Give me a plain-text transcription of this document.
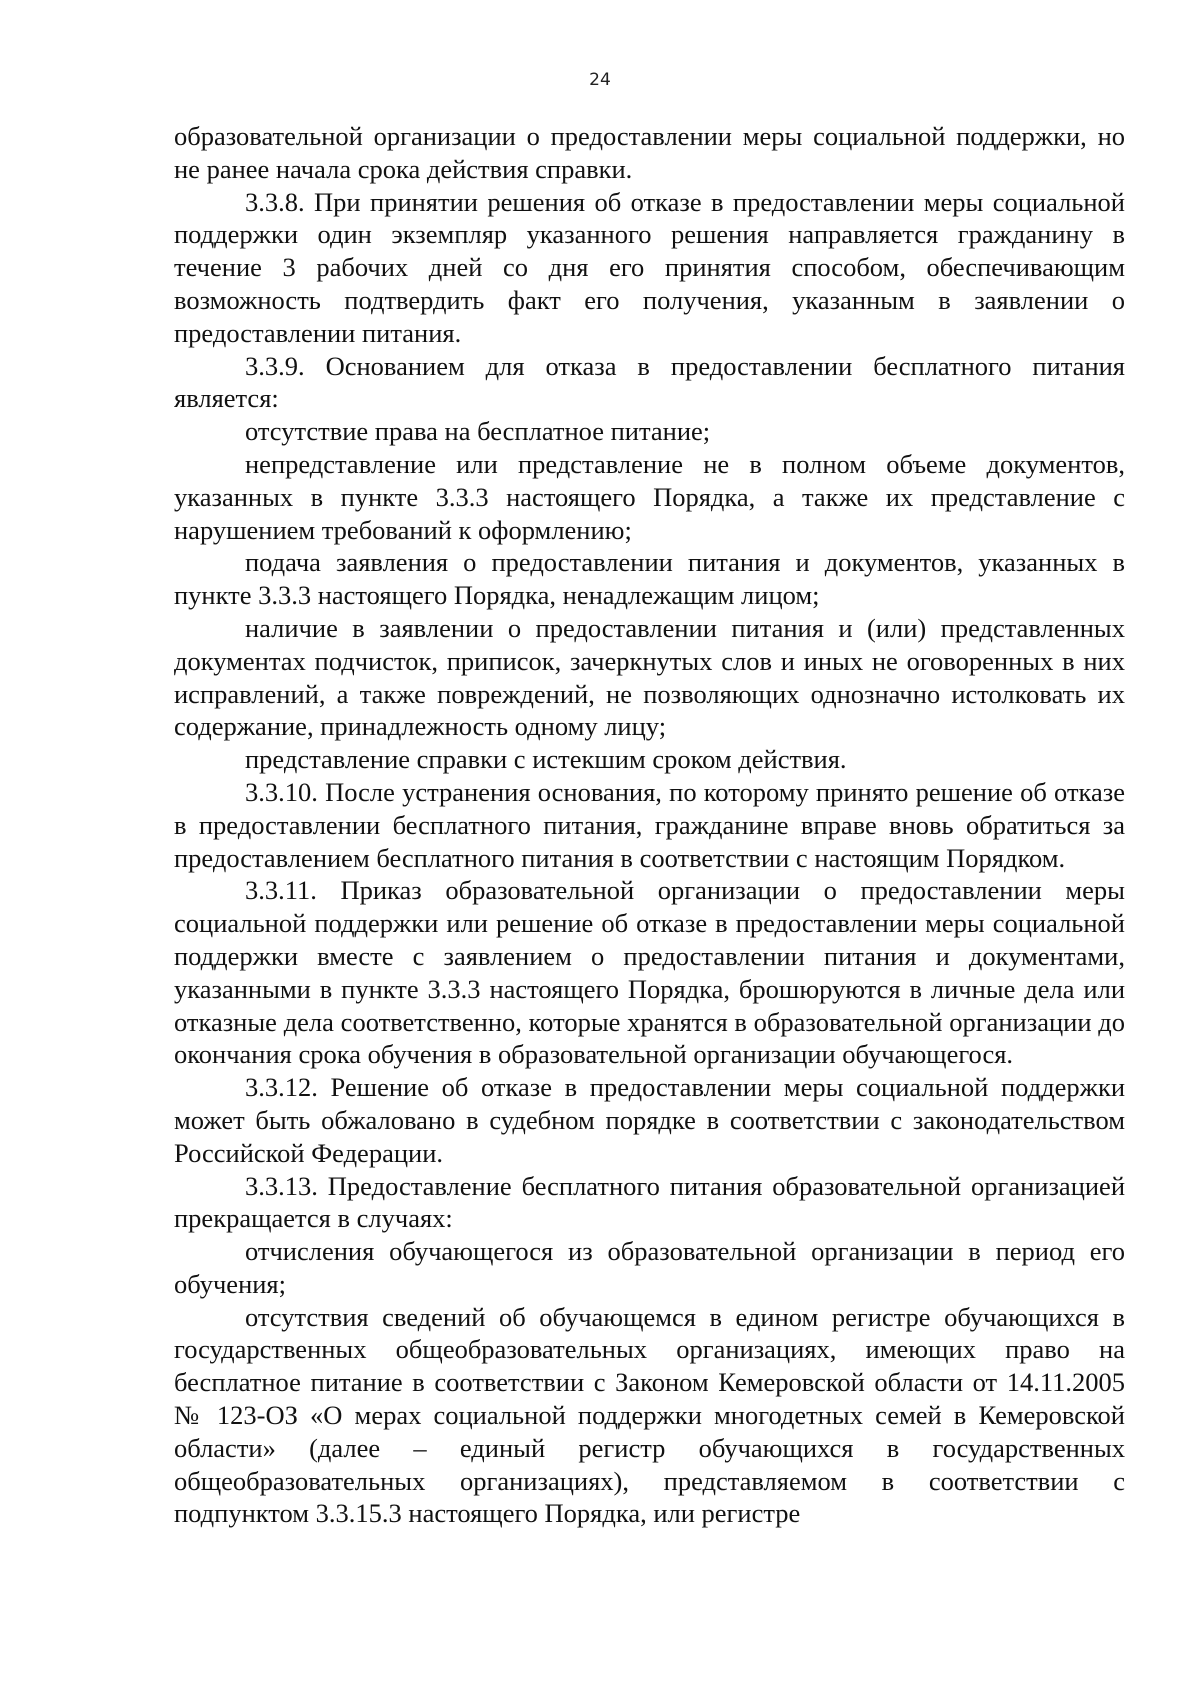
24

образовательной организации о предоставлении меры социальной поддержки, но не ранее начала срока действия справки.

3.3.8. При принятии решения об отказе в предоставлении меры социальной поддержки один экземпляр указанного решения направляется гражданину в течение 3 рабочих дней со дня его принятия способом, обеспечивающим возможность подтвердить факт его получения, указанным в заявлении о предоставлении питания.

3.3.9. Основанием для отказа в предоставлении бесплатного питания является:

отсутствие права на бесплатное питание;

непредставление или представление не в полном объеме документов, указанных в пункте 3.3.3 настоящего Порядка, а также их представление с нарушением требований к оформлению;

подача заявления о предоставлении питания и документов, указанных в пункте 3.3.3 настоящего Порядка, ненадлежащим лицом;

наличие в заявлении о предоставлении питания и (или) представленных документах подчисток, приписок, зачеркнутых слов и иных не оговоренных в них исправлений, а также повреждений, не позволяющих однозначно истолковать их содержание, принадлежность одному лицу;

представление справки с истекшим сроком действия.

3.3.10. После устранения основания, по которому принято решение об отказе в предоставлении бесплатного питания, гражданине вправе вновь обратиться за предоставлением бесплатного питания в соответствии с настоящим Порядком.

3.3.11. Приказ образовательной организации о предоставлении меры социальной поддержки или решение об отказе в предоставлении меры социальной поддержки вместе с заявлением о предоставлении питания и документами, указанными в пункте 3.3.3 настоящего Порядка, брошюруются в личные дела или отказные дела соответственно, которые хранятся в образовательной организации до окончания срока обучения в образовательной организации обучающегося.

3.3.12. Решение об отказе в предоставлении меры социальной поддержки может быть обжаловано в судебном порядке в соответствии с законодательством Российской Федерации.

3.3.13. Предоставление бесплатного питания образовательной организацией прекращается в случаях:

отчисления обучающегося из образовательной организации в период его обучения;

отсутствия сведений об обучающемся в едином регистре обучающихся в государственных общеобразовательных организациях, имеющих право на бесплатное питание в соответствии с Законом Кемеровской области от 14.11.2005 № 123-ОЗ «О мерах социальной поддержки многодетных семей в Кемеровской области» (далее – единый регистр обучающихся в государственных общеобразовательных организациях), представляемом в соответствии с подпунктом 3.3.15.3 настоящего Порядка, или регистре
